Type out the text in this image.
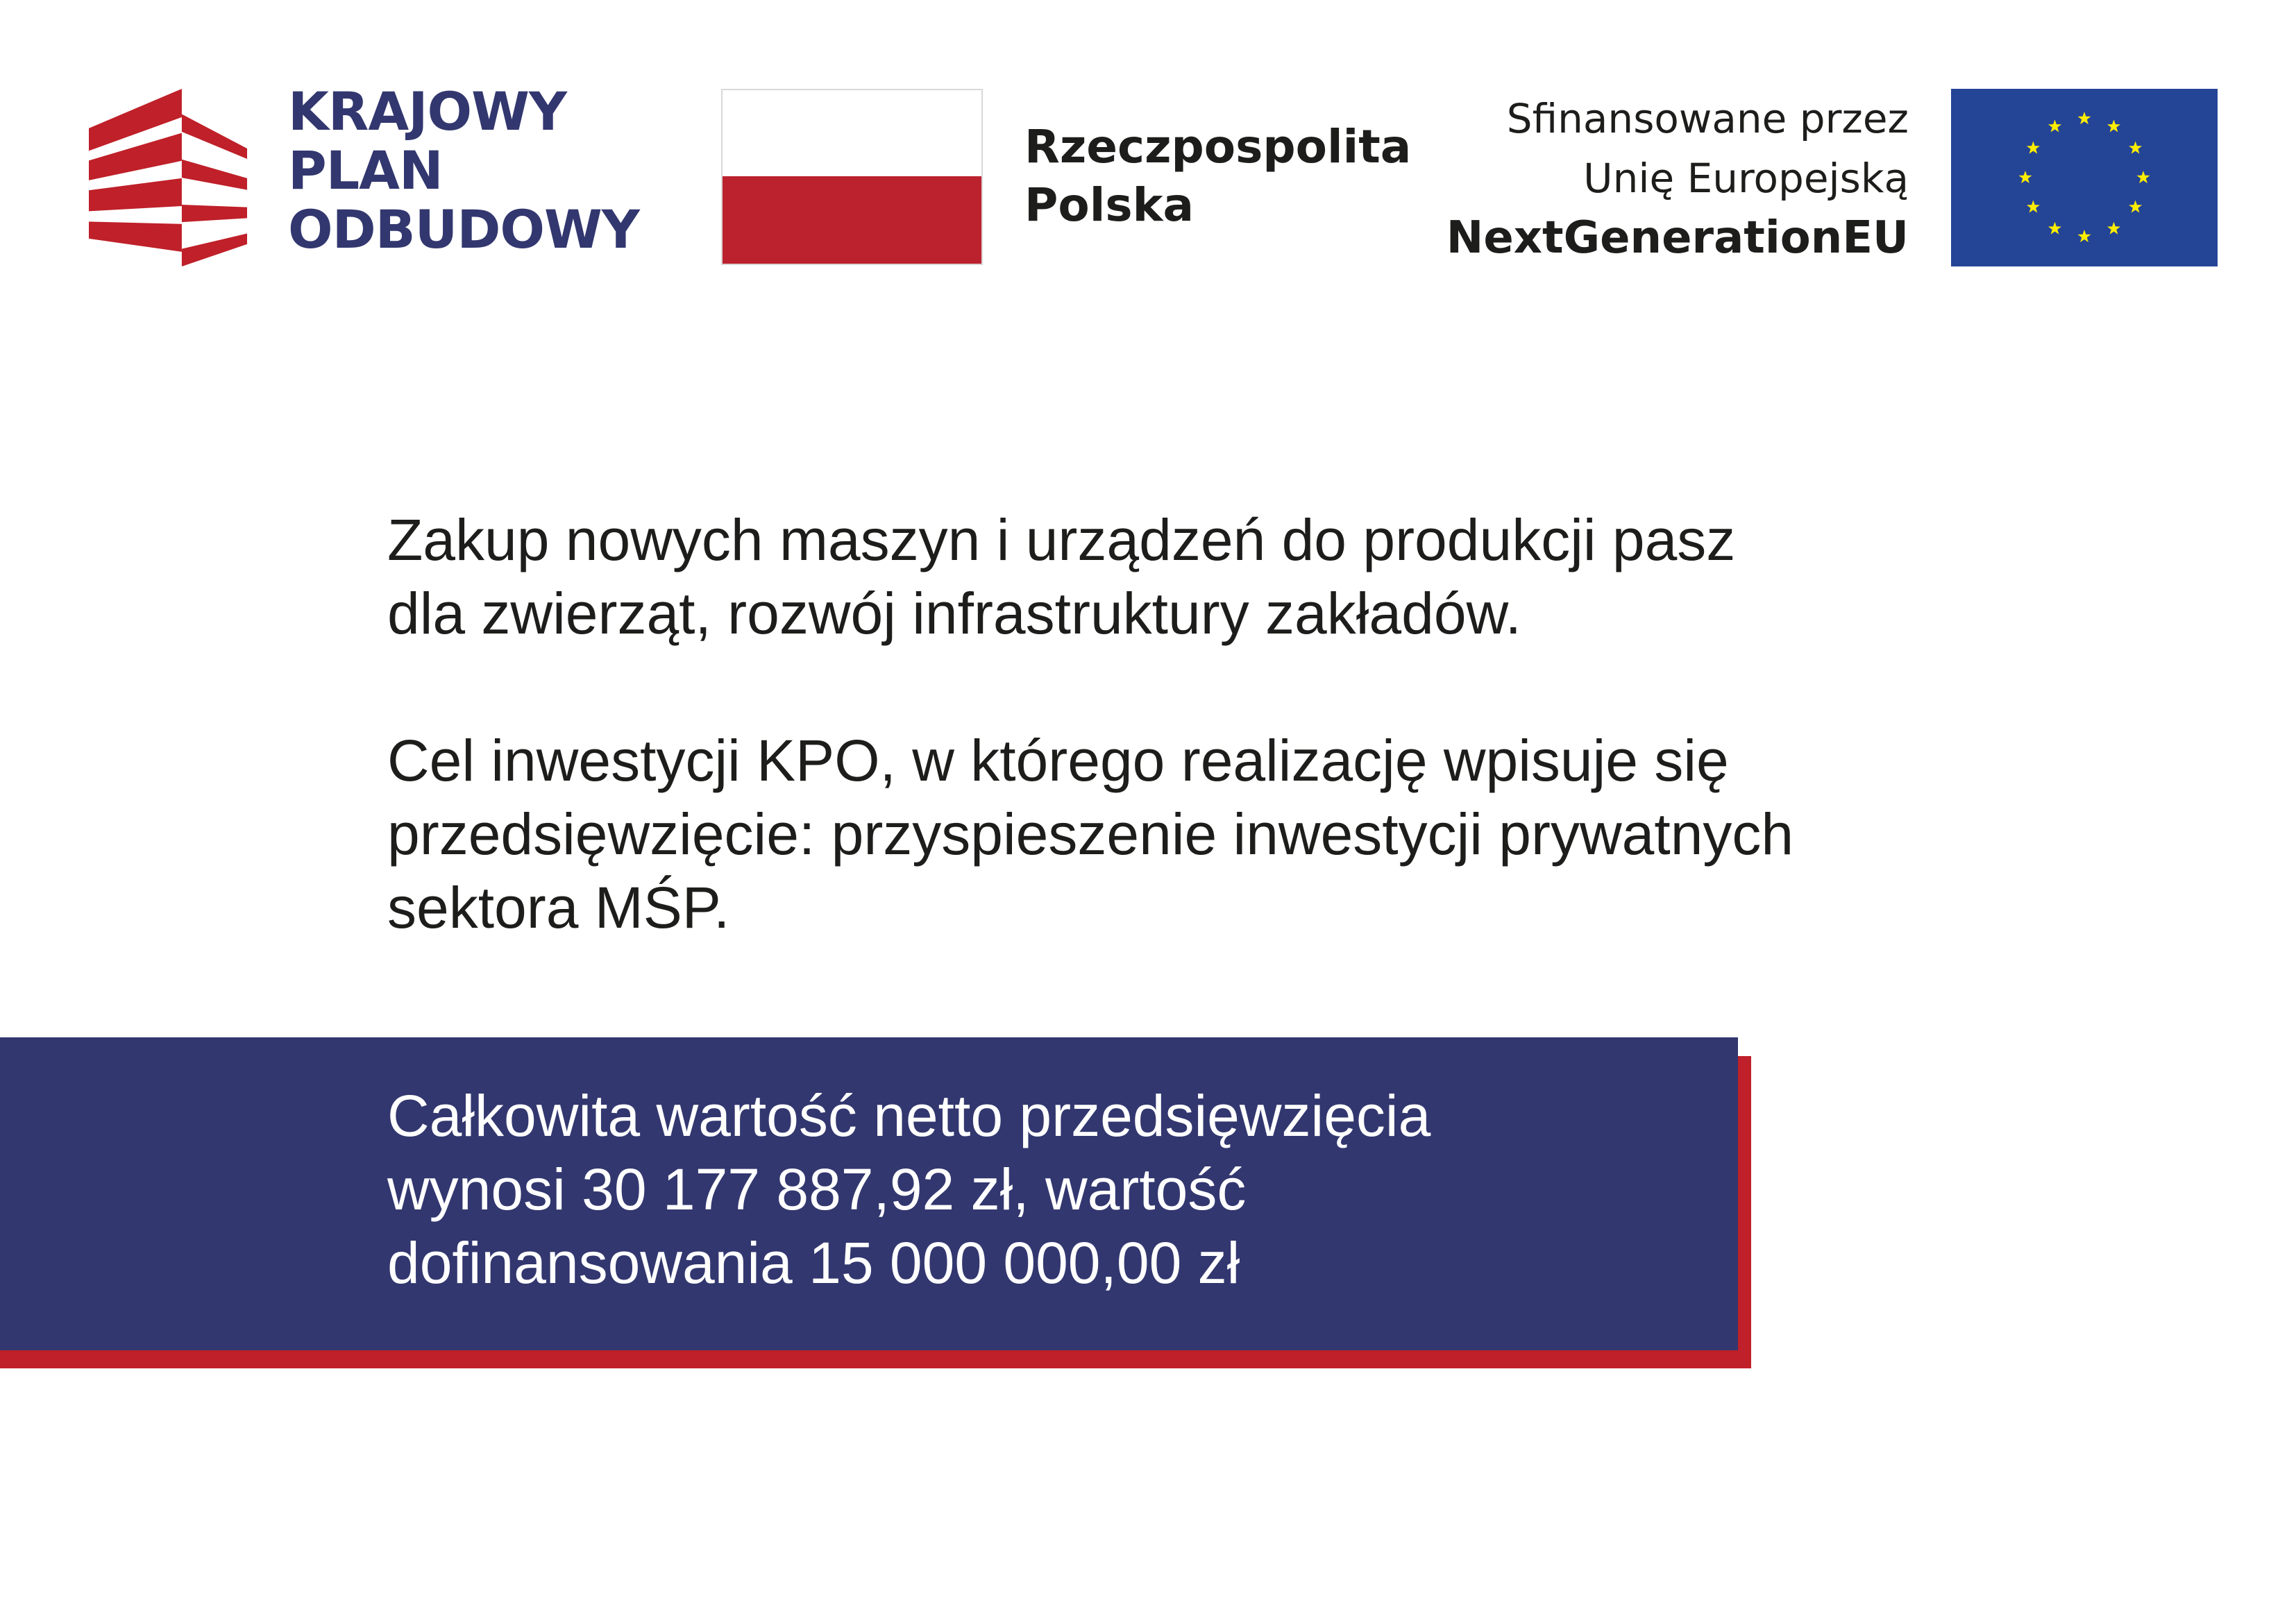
KRAJOWY
PLAN
ODBUDOWY
Rzeczpospolita
Polska
Sfinansowane przez
Unię Europejską
NextGenerationEU

Zakup nowych maszyn i urządzeń do produkcji pasz

dla zwierząt, rozwój infrastruktury zakładów.

Cel inwestycji KPO, w którego realizację wpisuje się

przedsięwzięcie: przyspieszenie inwestycji prywatnych

sektora MŚP.

Całkowita wartość netto przedsięwzięcia
wynosi 30 177 887,92 zł, wartość
dofinansowania 15 000 000,00 zł
